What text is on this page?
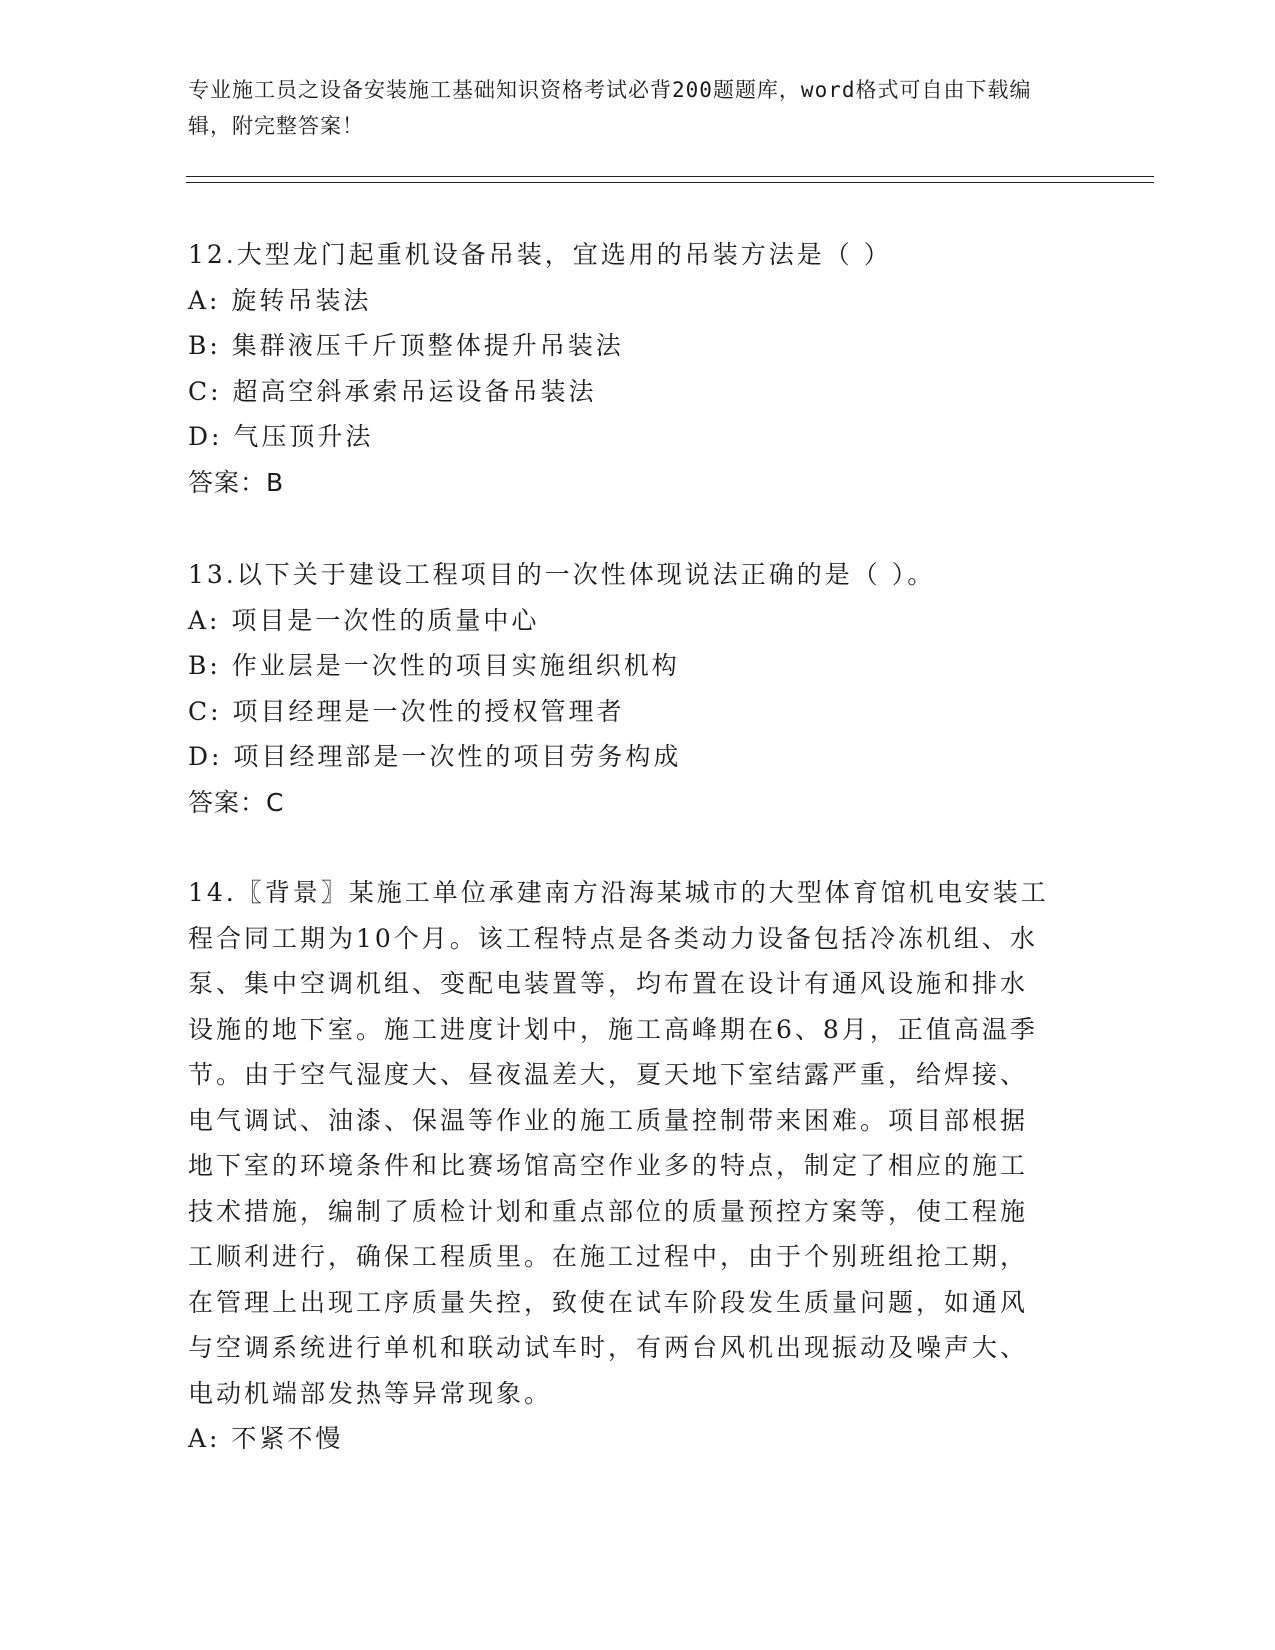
专业施工员之设备安装施工基础知识资格考试必背200题题库，word格式可自由下载编辑，附完整答案！
12.大型龙门起重机设备吊装，宜选用的吊装方法是（ ）
A: 旋转吊装法
B: 集群液压千斤顶整体提升吊装法
C: 超高空斜承索吊运设备吊装法
D: 气压顶升法
答案：B
13.以下关于建设工程项目的一次性体现说法正确的是（ ）。
A: 项目是一次性的质量中心
B: 作业层是一次性的项目实施组织机构
C: 项目经理是一次性的授权管理者
D: 项目经理部是一次性的项目劳务构成
答案：C
14.〖背景〗某施工单位承建南方沿海某城市的大型体育馆机电安装工
程合同工期为10个月。该工程特点是各类动力设备包括冷冻机组、水
泵、集中空调机组、变配电装置等，均布置在设计有通风设施和排水
设施的地下室。施工进度计划中，施工高峰期在6、8月，正值高温季
节。由于空气湿度大、昼夜温差大，夏天地下室结露严重，给焊接、
电气调试、油漆、保温等作业的施工质量控制带来困难。项目部根据
地下室的环境条件和比赛场馆高空作业多的特点，制定了相应的施工
技术措施，编制了质检计划和重点部位的质量预控方案等，使工程施
工顺利进行，确保工程质里。在施工过程中，由于个别班组抢工期，
在管理上出现工序质量失控，致使在试车阶段发生质量问题，如通风
与空调系统进行单机和联动试车时，有两台风机出现振动及噪声大、
电动机端部发热等异常现象。
A: 不紧不慢
